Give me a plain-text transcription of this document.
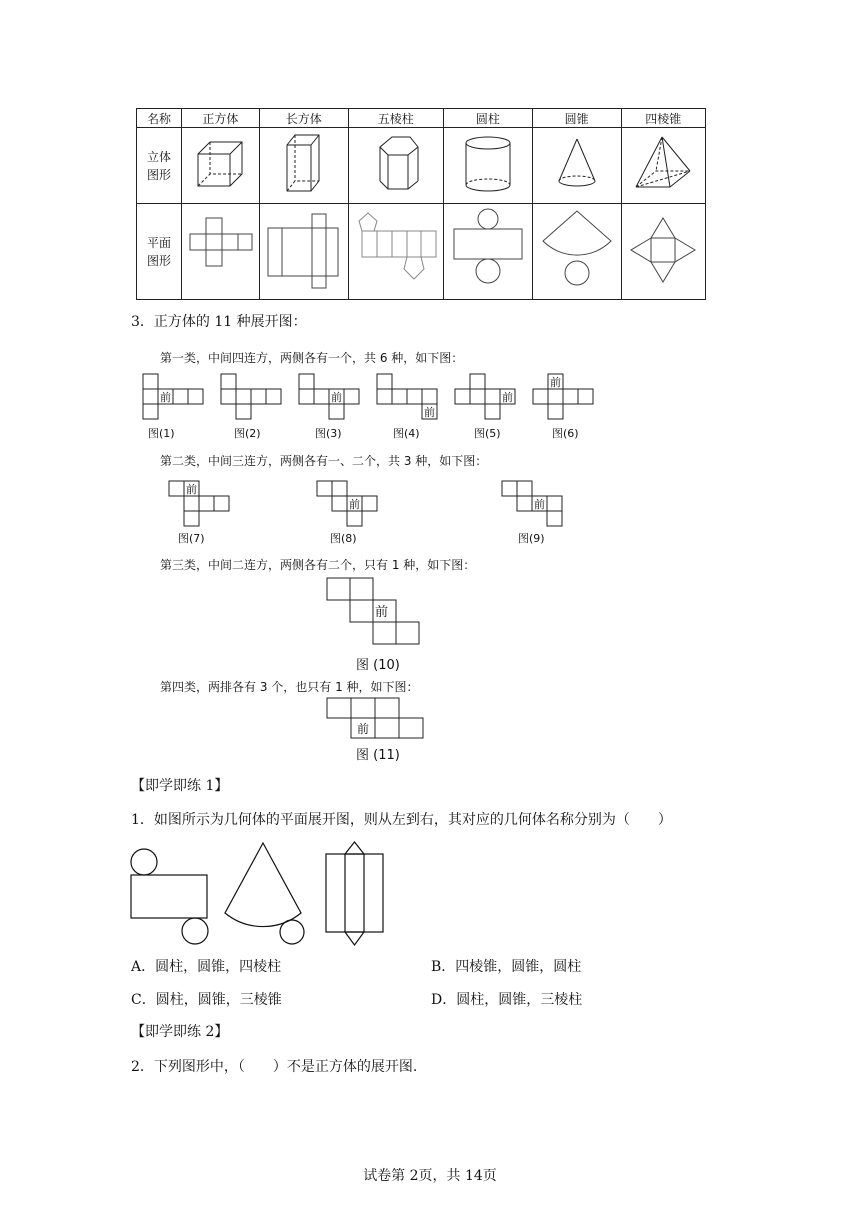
名称	正方体	长方体	五棱柱	圆柱	圆锥	四棱锥
立体
图形						
平面
图形						
3．正方体的 11 种展开图：
第一类，中间四连方，两侧各有一个，共 6 种，如下图：
前	前
前
前
前
图(1)	图(2)	图(3)	图(4)	图(5)	图(6)
第二类，中间三连方，两侧各有一、二个，共 3 种，如下图：
前
前	前
图(7)	图(8)	图(9)
第三类，中间二连方，两侧各有二个，只有 1 种，如下图：
前
图 (10)
第四类，两排各有 3 个，也只有 1 种，如下图：
前
图 (11)
【即学即练 1】
1．如图所示为几何体的平面展开图，则从左到右，其对应的几何体名称分别为（　　）
A．圆柱，圆锥，四棱柱	B．四棱锥，圆锥，圆柱
C．圆柱，圆锥，三棱锥	D．圆柱，圆锥，三棱柱
【即学即练 2】
2．下列图形中，（　　）不是正方体的展开图.
试卷第 2页，共 14页
